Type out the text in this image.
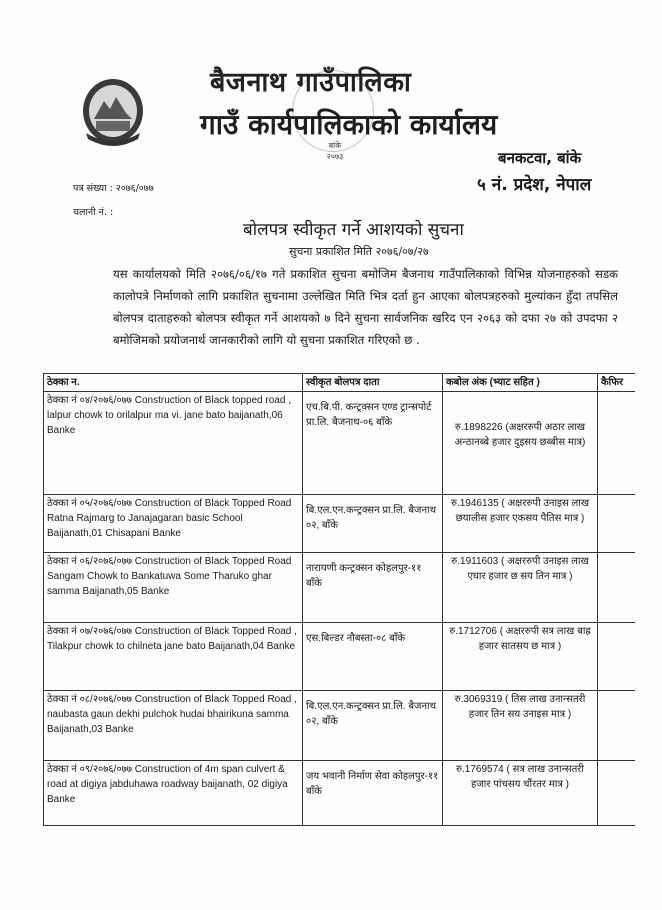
बैजनाथ गाउँपालिका
गाउँ कार्यपालिकाको कार्यालय
बांके २०७३	बनकटवा, बांके
५ नं. प्रदेश, नेपाल
पत्र संख्या : २०७६/०७७
चलानी नं. :
बोलपत्र स्वीकृत गर्ने आशयको सुचना
सुचना प्रकाशित मिति २०७६/०७/२७
यस कार्यालयको मिति २०७६/०६/१७ गते प्रकाशित सुचना बमोजिम बैजनाथ गाउँपालिकाको विभिन्न योजनाहरुको सडक कालोपत्रे निर्माणको लागि प्रकाशित सुचनामा उल्लेखित मिति भित्र दर्ता हुन आएका बोलपत्रहरुको मुल्यांकन हुँदा तपसिल बोलपत्र दाताहरुको बोलपत्र स्वीकृत गर्ने आशयको ७ दिने सुचना सार्वजनिक खरिद एन २०६३ को दफा २७ को उपदफा २ बमोजिमको प्रयोजनार्थ जानकारीको लागि यो सुचना प्रकाशित गरिएको छ .
ठेक्का न.	स्वीकृत बोलपत्र दाता	कबोल अंक (भ्याट सहित )	कैफिर
ठेक्का नं ०४/२०७६/०७७ Construction of Black topped road , lalpur chowk to orilalpur ma vi. jane bato baijanath,06 Banke	एच.बि.पी. कन्ट्रक्सन एण्ड ट्रान्सपोर्ट प्रा.लि. बैजनाथ-०६ बाँके	रु.1898226 (अक्षररुपी अठार लाख अन्ठानब्बे हजार दुइसय छब्बीस मात्र)	
ठेक्का नं ०५/२०७६/०७७ Construction of Black Topped Road Ratna Rajmarg to Janajagaran basic School Baijanath,01 Chisapani Banke	बि.एल.एन.कन्ट्रक्सन प्रा.लि. बैजनाथ ०२, बाँके	रु.1946135 ( अक्षररुपी उनाइस लाख छयालीस हजार एकसय पैतिस मात्र )	
ठेक्का नं ०६/२०७६/०७७ Construction of Black Topped Road Sangam Chowk to Bankatuwa Some Tharuko ghar samma Baijanath,05 Banke	नारायणी कन्ट्रक्सन कोहलपुर-११ बाँके	रु.1911603 ( अक्षररुपी उनाइस लाख एघार हजार छ सय तिन मात्र )	
ठेक्का नं ०७/२०७६/०७७ Construction of Black Topped Road , Tilakpur chowk to chilneta jane bato Baijanath,04 Banke	एस.बिल्डर नौबस्ता-०८ बाँके	रु.1712706 ( अक्षररुपी सत्र लाख बाह्र हजार सातसय छ मात्र )	
ठेक्का नं ०८/२०७६/०७७ Construction of Black Topped Road , naubasta gaun dekhi pulchok hudai bhairikuna samma Baijanath,03 Banke	बि.एल.एन.कन्ट्रक्सन प्रा.लि. बैजनाथ ०२, बाँके	रु.3069319 ( तिस लाख उनान्सतरी हजार तिन सय उनाइस मात्र )	
ठेक्का नं ०९/२०७६/०७७ Construction of 4m span culvert & road at digiya jabduhawa roadway baijanath, 02 digiya Banke	जय भवानी निर्माण सेवा कोहलपुर-११ बाँके	रु.1769574 ( सत्र लाख उनान्सतरी हजार पांचसय चौंरतर मात्र )	
